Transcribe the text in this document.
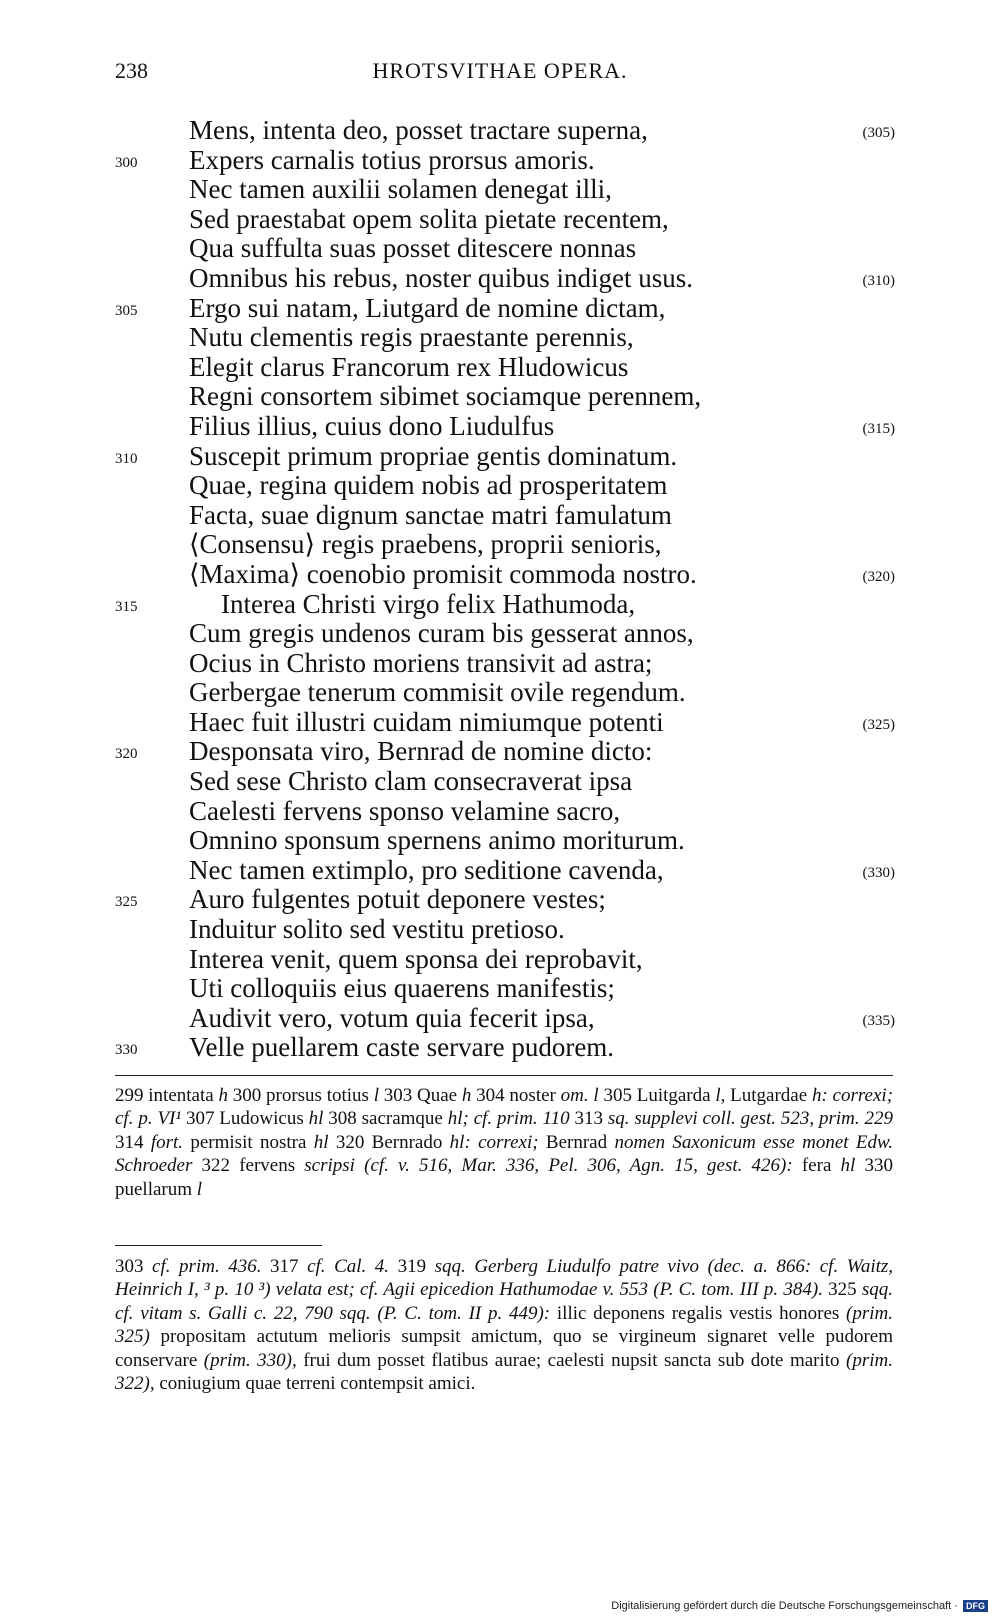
238	HROTSVITHAE OPERA.
Mens, intenta deo, posset tractare superna,	(305)
300 Expers carnalis totius prorsus amoris.
Nec tamen auxilii solamen denegat illi,
Sed praestabat opem solita pietate recentem,
Qua suffulta suas posset ditescere nonnas
Omnibus his rebus, noster quibus indiget usus.	(310)
305 Ergo sui natam, Liutgard de nomine dictam,
Nutu clementis regis praestante perennis,
Elegit clarus Francorum rex Hludowicus
Regni consortem sibimet sociamque perennem,
Filius illius, cuius dono Liudulfus	(315)
310 Suscepit primum propriae gentis dominatum.
Quae, regina quidem nobis ad prosperitatem
Facta, suae dignum sanctae matri famulatum
⟨Consensu⟩ regis praebens, proprii senioris,
⟨Maxima⟩ coenobio promisit commoda nostro.	(320)
315	Interea Christi virgo felix Hathumoda,
Cum gregis undenos curam bis gesserat annos,
Ocius in Christo moriens transivit ad astra;
Gerbergae tenerum commisit ovile regendum.
Haec fuit illustri cuidam nimiumque potenti	(325)
320 Desponsata viro, Bernrad de nomine dicto:
Sed sese Christo clam consecraverat ipsa
Caelesti fervens sponso velamine sacro,
Omnino sponsum spernens animo moriturum.
Nec tamen extimplo, pro seditione cavenda,	(330)
325 Auro fulgentes potuit deponere vestes;
Induitur solito sed vestitu pretioso.
Interea venit, quem sponsa dei reprobavit,
Uti colloquiis eius quaerens manifestis;
Audivit vero, votum quia fecerit ipsa,	(335)
330 Velle puellarem caste servare pudorem.
299 intentata h 300 prorsus totius l 303 Quae h 304 noster om. l 305 Luitgarda l, Lutgardae h: correxi; cf. p. VI¹ 307 Ludowicus hl 308 sacramque hl; cf. prim. 110 313 sq. supplevi coll. gest. 523, prim. 229 314 fort. permisit nostra hl 320 Bernrado hl: correxi; Bernrad nomen Saxonicum esse monet Edw. Schroeder 322 fervens scripsi (cf. v. 516, Mar. 336, Pel. 306, Agn. 15, gest. 426): fera hl 330 puellarum l
303 cf. prim. 436. 317 cf. Cal. 4. 319 sqq. Gerberg Liudulfo patre vivo (dec. a. 866: cf. Waitz, Heinrich I, ³ p. 10 ³) velata est; cf. Agii epicedion Hathumodae v. 553 (P. C. tom. III p. 384). 325 sqq. cf. vitam s. Galli c. 22, 790 sqq. (P. C. tom. II p. 449): illic deponens regalis vestis honores (prim. 325) propositam actutum melioris sumpsit amictum, quo se virgineum signaret velle pudorem conservare (prim. 330), frui dum posset flatibus aurae; caelesti nupsit sancta sub dote marito (prim. 322), coniugium quae terreni contempsit amici.
Digitalisierung gefördert durch die Deutsche Forschungsgemeinschaft · DFG
